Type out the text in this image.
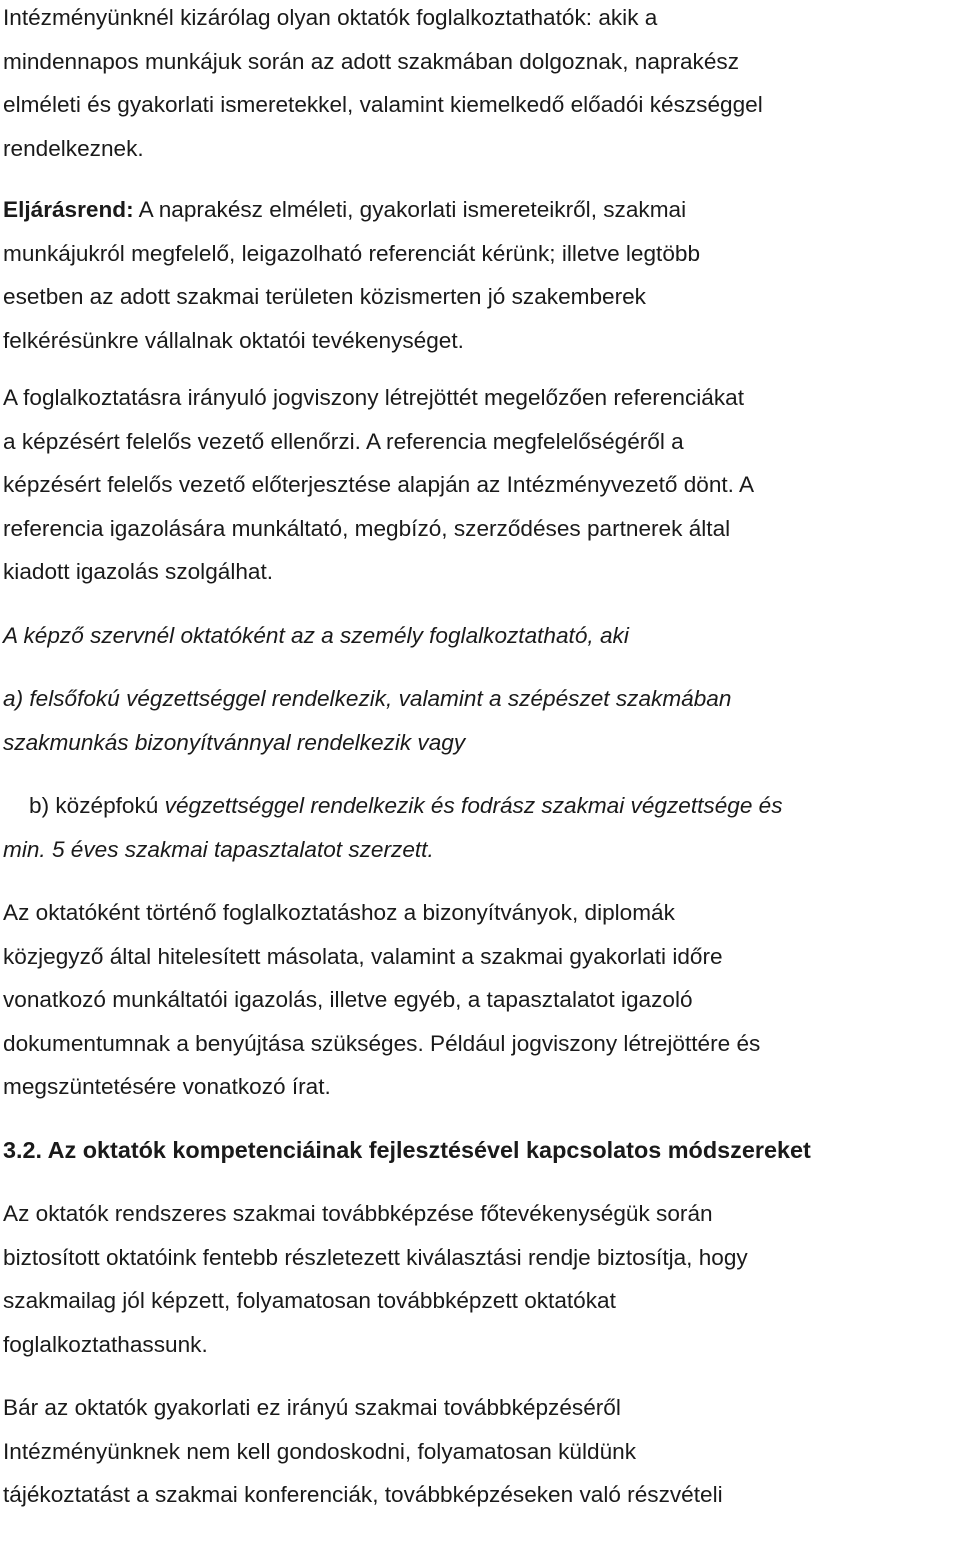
Intézményünknél kizárólag olyan oktatók foglalkoztathatók: akik a
mindennapos munkájuk során az adott szakmában dolgoznak, naprakész
elméleti és gyakorlati ismeretekkel, valamint kiemelkedő előadói készséggel
rendelkeznek.

Eljárásrend: A naprakész elméleti, gyakorlati ismereteikről, szakmai
munkájukról megfelelő, leigazolható referenciát kérünk; illetve legtöbb
esetben az adott szakmai területen közismerten jó szakemberek
felkérésünkre vállalnak oktatói tevékenységet.

A foglalkoztatásra irányuló jogviszony létrejöttét megelőzően referenciákat
a képzésért felelős vezető ellenőrzi. A referencia megfelelőségéről a
képzésért felelős vezető előterjesztése alapján az Intézményvezető dönt. A
referencia igazolására munkáltató, megbízó, szerződéses partnerek által
kiadott igazolás szolgálhat.

A képző szervnél oktatóként az a személy foglalkoztatható, aki

a) felsőfokú végzettséggel rendelkezik, valamint a szépészet szakmában
szakmunkás bizonyítvánnyal rendelkezik vagy

b) középfokú végzettséggel rendelkezik és fodrász szakmai végzettsége és
min. 5 éves szakmai tapasztalatot szerzett.

Az oktatóként történő foglalkoztatáshoz a bizonyítványok, diplomák
közjegyző által hitelesített másolata, valamint a szakmai gyakorlati időre
vonatkozó munkáltatói igazolás, illetve egyéb, a tapasztalatot igazoló
dokumentumnak a benyújtása szükséges. Például jogviszony létrejöttére és
megszüntetésére vonatkozó írat.

3.2. Az oktatók kompetenciáinak fejlesztésével kapcsolatos módszereket

Az oktatók rendszeres szakmai továbbképzése főtevékenységük során
biztosított oktatóink fentebb részletezett kiválasztási rendje biztosítja, hogy
szakmailag jól képzett, folyamatosan továbbképzett oktatókat
foglalkoztathassunk.

Bár az oktatók gyakorlati ez irányú szakmai továbbképzéséről
Intézményünknek nem kell gondoskodni, folyamatosan küldünk
tájékoztatást a szakmai konferenciák, továbbképzéseken való részvételi
